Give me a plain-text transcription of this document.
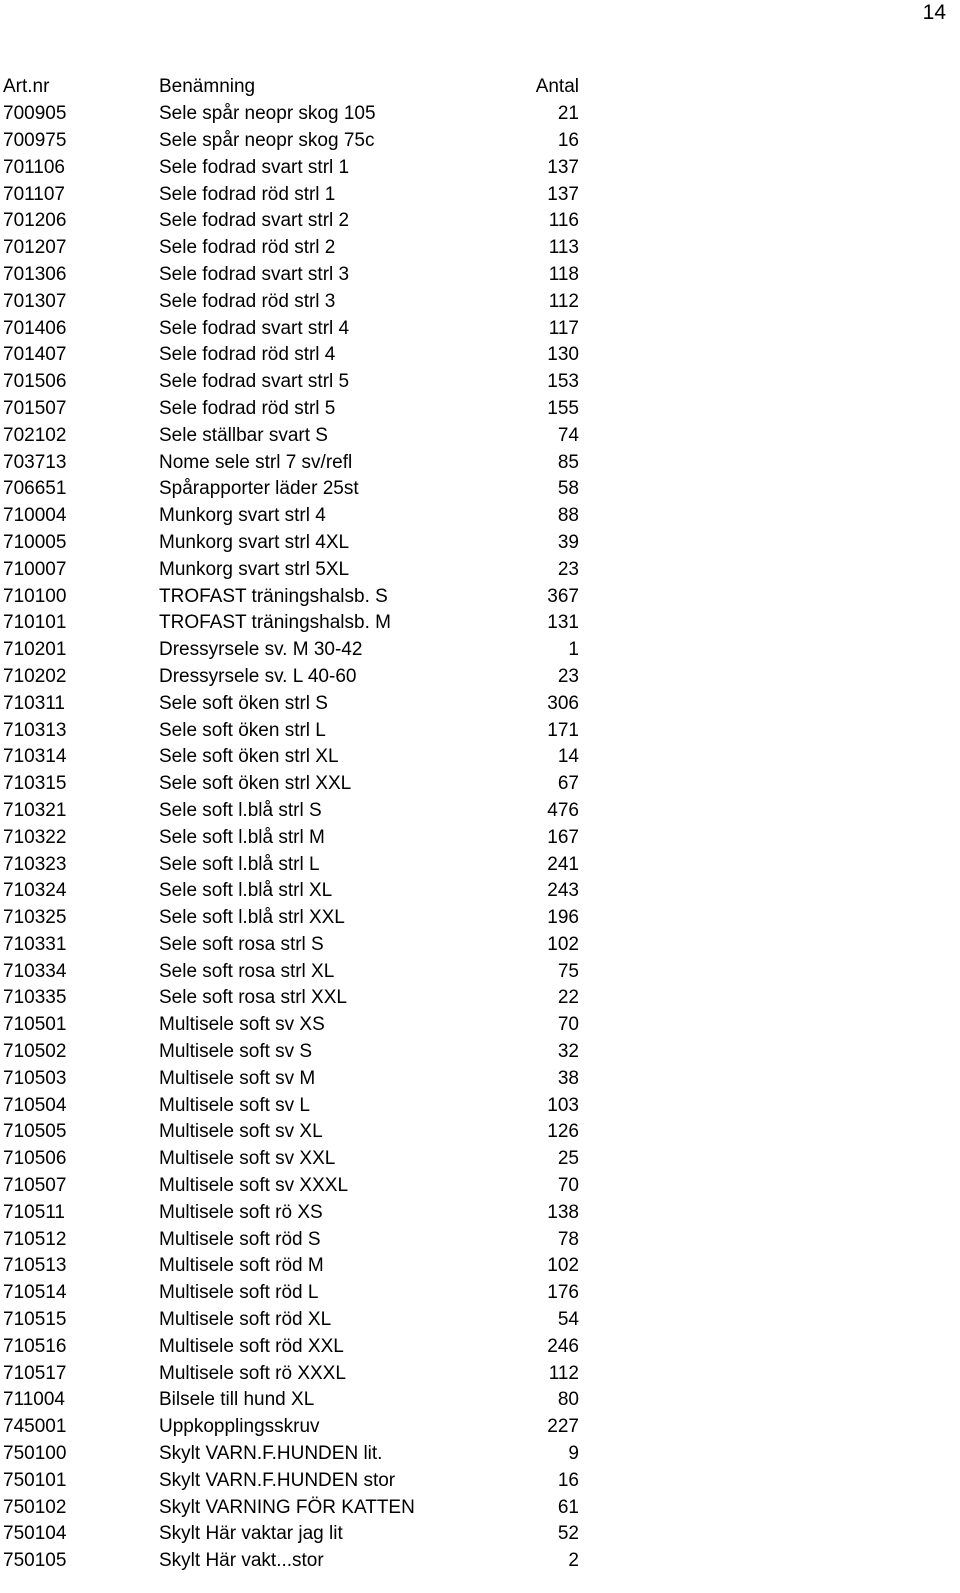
14
Art.nr	Benämning	Antal
700905	Sele spår neopr skog 105	21
700975	Sele spår neopr skog 75c	16
701106	Sele fodrad svart strl 1	137
701107	Sele fodrad röd strl 1	137
701206	Sele fodrad svart strl 2	116
701207	Sele fodrad röd strl 2	113
701306	Sele fodrad svart strl 3	118
701307	Sele fodrad röd strl 3	112
701406	Sele fodrad svart strl 4	117
701407	Sele fodrad röd strl 4	130
701506	Sele fodrad svart strl 5	153
701507	Sele fodrad röd strl 5	155
702102	Sele ställbar svart S	74
703713	Nome sele strl 7 sv/refl	85
706651	Spårapporter läder 25st	58
710004	Munkorg svart strl 4	88
710005	Munkorg svart strl 4XL	39
710007	Munkorg svart strl 5XL	23
710100	TROFAST träningshalsb. S	367
710101	TROFAST träningshalsb. M	131
710201	Dressyrsele sv. M 30-42	1
710202	Dressyrsele sv. L 40-60	23
710311	Sele soft öken strl S	306
710313	Sele soft öken strl L	171
710314	Sele soft öken strl XL	14
710315	Sele soft öken strl XXL	67
710321	Sele soft l.blå strl S	476
710322	Sele soft l.blå strl M	167
710323	Sele soft l.blå strl L	241
710324	Sele soft l.blå strl XL	243
710325	Sele soft l.blå strl XXL	196
710331	Sele soft rosa strl S	102
710334	Sele soft rosa strl XL	75
710335	Sele soft rosa strl XXL	22
710501	Multisele soft sv XS	70
710502	Multisele soft sv S	32
710503	Multisele soft sv M	38
710504	Multisele soft sv L	103
710505	Multisele soft sv XL	126
710506	Multisele soft sv XXL	25
710507	Multisele soft sv XXXL	70
710511	Multisele soft rö XS	138
710512	Multisele soft röd S	78
710513	Multisele soft röd M	102
710514	Multisele soft röd L	176
710515	Multisele soft röd XL	54
710516	Multisele soft röd XXL	246
710517	Multisele soft rö XXXL	112
711004	Bilsele till hund XL	80
745001	Uppkopplingsskruv	227
750100	Skylt VARN.F.HUNDEN lit.	9
750101	Skylt VARN.F.HUNDEN stor	16
750102	Skylt VARNING FÖR KATTEN	61
750104	Skylt Här vaktar jag lit	52
750105	Skylt Här vakt...stor	2
